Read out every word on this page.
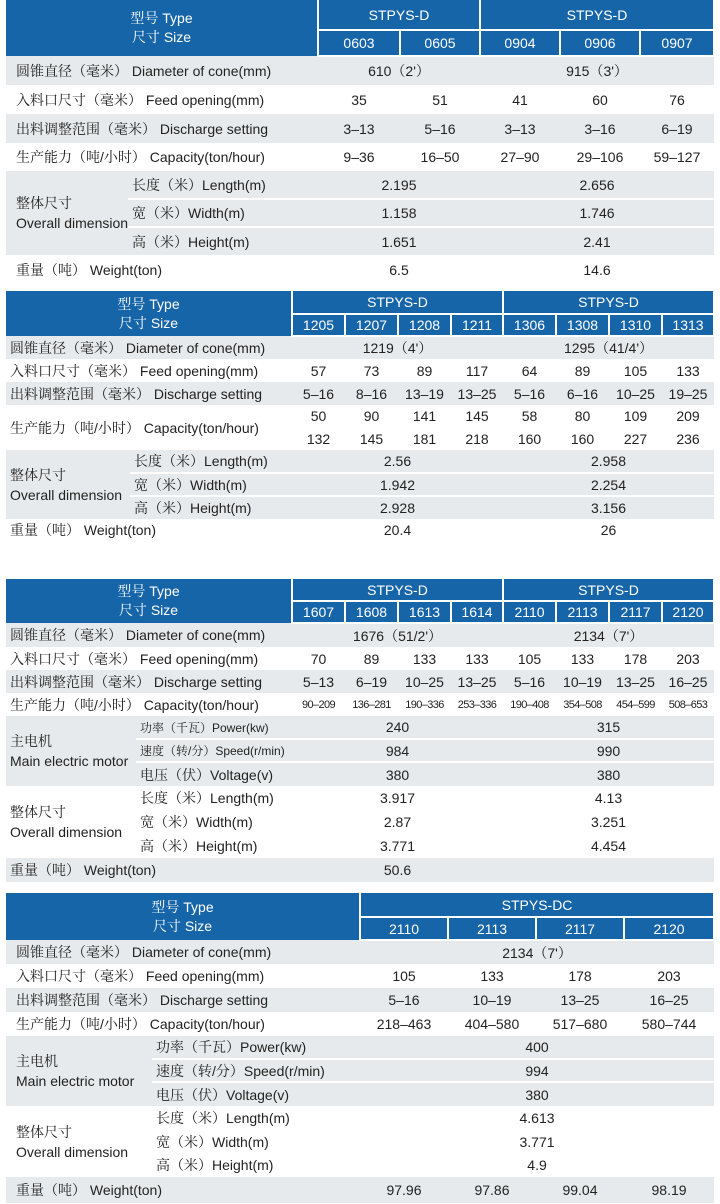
型号 Type
尺寸 Size		STPYS-D		STPYS-D		
		0603	0605	0904	0906	0907
圆锥直径（毫米） Diameter of cone(mm)		610（2'）		915（3'）		
入料口尺寸（毫米） Feed opening(mm)		35	51	41	60	76
出料调整范围（毫米） Discharge setting		3–13	5–16	3–13	3–16	6–19
生产能力（吨/小时） Capacity(ton/hour)		9–36	16–50	27–90	29–106	59–127
整体尺寸
Overall dimension	长度（米）Length(m)	2.195		2.656		
	宽（米）Width(m)	1.158		1.746		
	高（米）Height(m)	1.651		2.41		
重量（吨） Weight(ton)		6.5		14.6		
型号 Type
尺寸 Size		STPYS-D				STPYS-D			
		1205	1207	1208	1211	1306	1308	1310	1313
圆锥直径（毫米） Diameter of cone(mm)		1219（4'）				1295（41/4'）			
入料口尺寸（毫米） Feed opening(mm)		57	73	89	117	64	89	105	133
出料调整范围（毫米） Discharge setting		5–16	8–16	13–19	13–25	5–16	6–16	10–25	19–25
生产能力（吨/小时） Capacity(ton/hour)		50	90	141	145	58	80	109	209
		132	145	181	218	160	160	227	236
整体尺寸
Overall dimension	长度（米）Length(m)	2.56				2.958			
	宽（米）Width(m)	1.942				2.254			
	高（米）Height(m)	2.928				3.156			
重量（吨） Weight(ton)		20.4				26			
型号 Type
尺寸 Size		STPYS-D				STPYS-D			
		1607	1608	1613	1614	2110	2113	2117	2120
圆锥直径（毫米） Diameter of cone(mm)		1676（51/2'）				2134（7'）			
入料口尺寸（毫米） Feed opening(mm)		70	89	133	133	105	133	178	203
出料调整范围（毫米） Discharge setting		5–13	6–19	10–25	13–25	5–16	10–19	13–25	16–25
生产能力（吨/小时） Capacity(ton/hour)		90–209	136–281	190–336	253–336	190–408	354–508	454–599	508–653
主电机
Main electric motor	功率（千瓦）Power(kw)	240				315			
	速度（转/分）Speed(r/min)	984				990			
	电压（伏）Voltage(v)	380				380			
整体尺寸
Overall dimension	长度（米）Length(m)	3.917				4.13			
	宽（米）Width(m)	2.87				3.251			
	高（米）Height(m)	3.771				4.454			
重量（吨） Weight(ton)		50.6							
型号 Type
尺寸 Size		STPYS-DC			
		2110	2113	2117	2120
圆锥直径（毫米） Diameter of cone(mm)		2134（7'）			
入料口尺寸（毫米） Feed opening(mm)		105	133	178	203
出料调整范围（毫米） Discharge setting		5–16	10–19	13–25	16–25
生产能力（吨/小时） Capacity(ton/hour)		218–463	404–580	517–680	580–744
主电机
Main electric motor	功率（千瓦）Power(kw)	400			
	速度（转/分）Speed(r/min)	994			
	电压（伏）Voltage(v)	380			
整体尺寸
Overall dimension	长度（米）Length(m)	4.613			
	宽（米）Width(m)	3.771			
	高（米）Height(m)	4.9			
重量（吨） Weight(ton)		97.96	97.86	99.04	98.19
